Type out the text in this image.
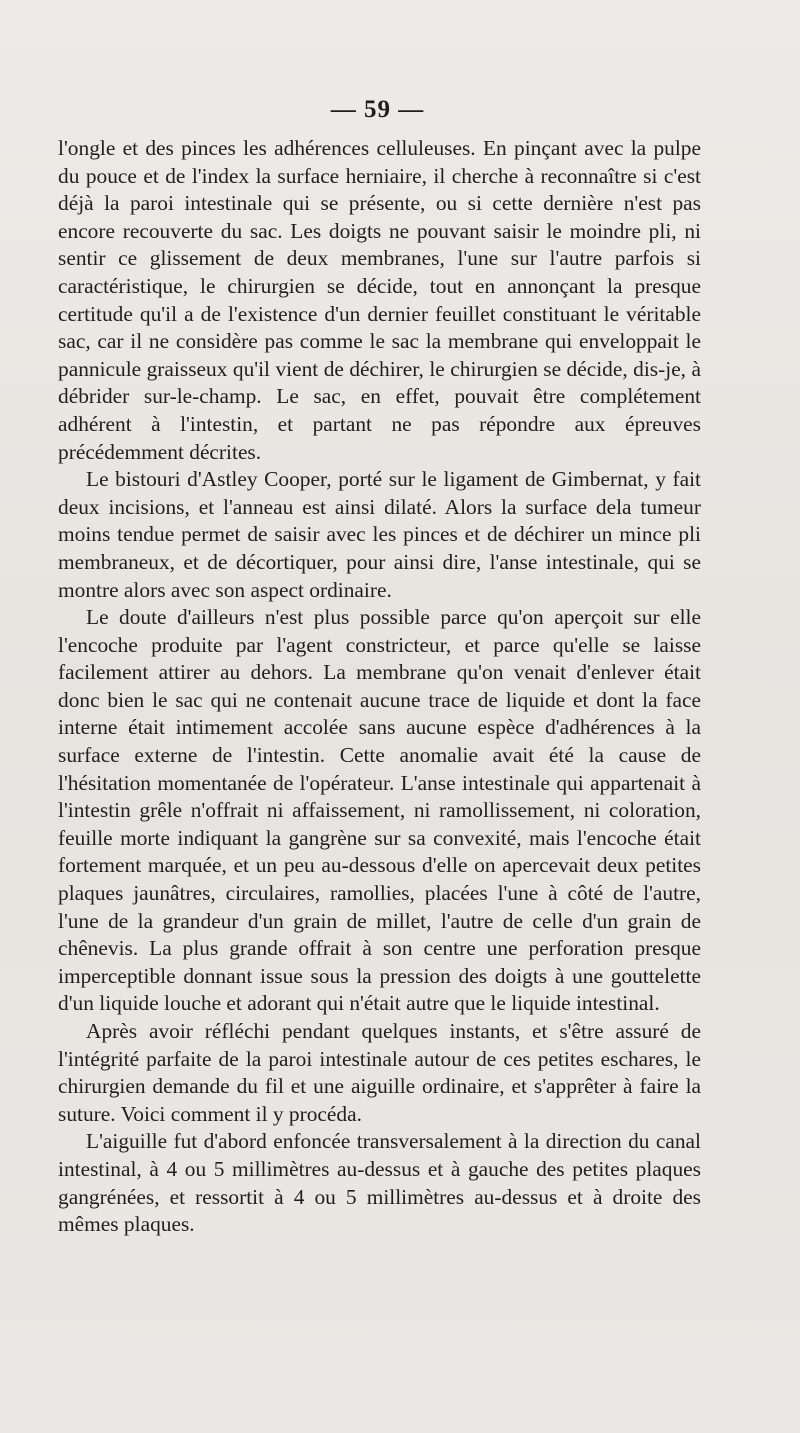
— 59 —

l'ongle et des pinces les adhérences celluleuses. En pinçant avec la pulpe du pouce et de l'index la surface herniaire, il cherche à reconnaître si c'est déjà la paroi intestinale qui se présente, ou si cette dernière n'est pas encore recouverte du sac. Les doigts ne pouvant saisir le moindre pli, ni sentir ce glissement de deux membranes, l'une sur l'autre parfois si caractéristique, le chirurgien se décide, tout en annonçant la presque certitude qu'il a de l'existence d'un dernier feuillet constituant le véritable sac, car il ne considère pas comme le sac la membrane qui enveloppait le pannicule graisseux qu'il vient de déchirer, le chirurgien se décide, dis-je, à débrider sur-le-champ. Le sac, en effet, pouvait être complétement adhérent à l'intestin, et partant ne pas répondre aux épreuves précédemment décrites.

Le bistouri d'Astley Cooper, porté sur le ligament de Gimbernat, y fait deux incisions, et l'anneau est ainsi dilaté. Alors la surface dela tumeur moins tendue permet de saisir avec les pinces et de déchirer un mince pli membraneux, et de décortiquer, pour ainsi dire, l'anse intestinale, qui se montre alors avec son aspect ordinaire.

Le doute d'ailleurs n'est plus possible parce qu'on aperçoit sur elle l'encoche produite par l'agent constricteur, et parce qu'elle se laisse facilement attirer au dehors. La membrane qu'on venait d'enlever était donc bien le sac qui ne contenait aucune trace de liquide et dont la face interne était intimement accolée sans aucune espèce d'adhérences à la surface externe de l'intestin. Cette anomalie avait été la cause de l'hésitation momentanée de l'opérateur. L'anse intestinale qui appartenait à l'intestin grêle n'offrait ni affaissement, ni ramollissement, ni coloration, feuille morte indiquant la gangrène sur sa convexité, mais l'encoche était fortement marquée, et un peu au-dessous d'elle on apercevait deux petites plaques jaunâtres, circulaires, ramollies, placées l'une à côté de l'autre, l'une de la grandeur d'un grain de millet, l'autre de celle d'un grain de chênevis. La plus grande offrait à son centre une perforation presque imperceptible donnant issue sous la pression des doigts à une gouttelette d'un liquide louche et adorant qui n'était autre que le liquide intestinal.

Après avoir réfléchi pendant quelques instants, et s'être assuré de l'intégrité parfaite de la paroi intestinale autour de ces petites eschares, le chirurgien demande du fil et une aiguille ordinaire, et s'apprêter à faire la suture. Voici comment il y procéda.

L'aiguille fut d'abord enfoncée transversalement à la direction du canal intestinal, à 4 ou 5 millimètres au-dessus et à gauche des petites plaques gangrénées, et ressortit à 4 ou 5 millimètres au-dessus et à droite des mêmes plaques.
